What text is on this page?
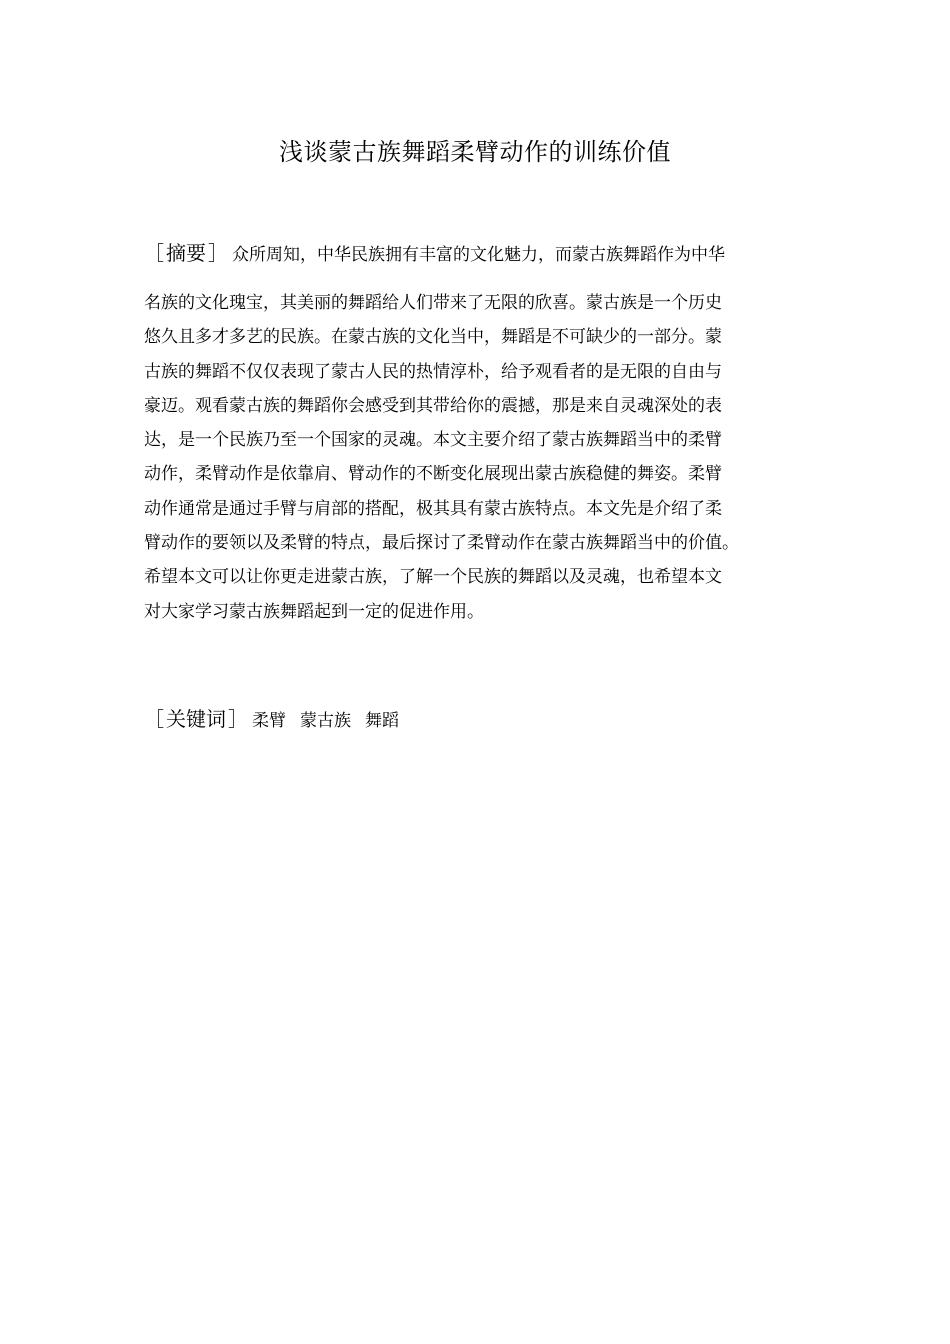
浅谈蒙古族舞蹈柔臂动作的训练价值
［ 摘要 ］ 众所周知，中华民族拥有丰富的文化魅力，而蒙古族舞蹈作为中华
名族的文化瑰宝，其美丽的舞蹈给人们带来了无限的欣喜。蒙古族是一个历史
悠久且多才多艺的民族。在蒙古族的文化当中，舞蹈是不可缺少的一部分。蒙
古族的舞蹈不仅仅表现了蒙古人民的热情淳朴，给予观看者的是无限的自由与
豪迈。观看蒙古族的舞蹈你会感受到其带给你的震撼，那是来自灵魂深处的表
达，是一个民族乃至一个国家的灵魂。本文主要介绍了蒙古族舞蹈当中的柔臂
动作，柔臂动作是依靠肩、臂动作的不断变化展现出蒙古族稳健的舞姿。柔臂
动作通常是通过手臂与肩部的搭配，极其具有蒙古族特点。本文先是介绍了柔
臂动作的要领以及柔臂的特点，最后探讨了柔臂动作在蒙古族舞蹈当中的价值。
希望本文可以让你更走进蒙古族，了解一个民族的舞蹈以及灵魂，也希望本文
对大家学习蒙古族舞蹈起到一定的促进作用。
［ 关键词 ］ 柔臂 蒙古族 舞蹈
